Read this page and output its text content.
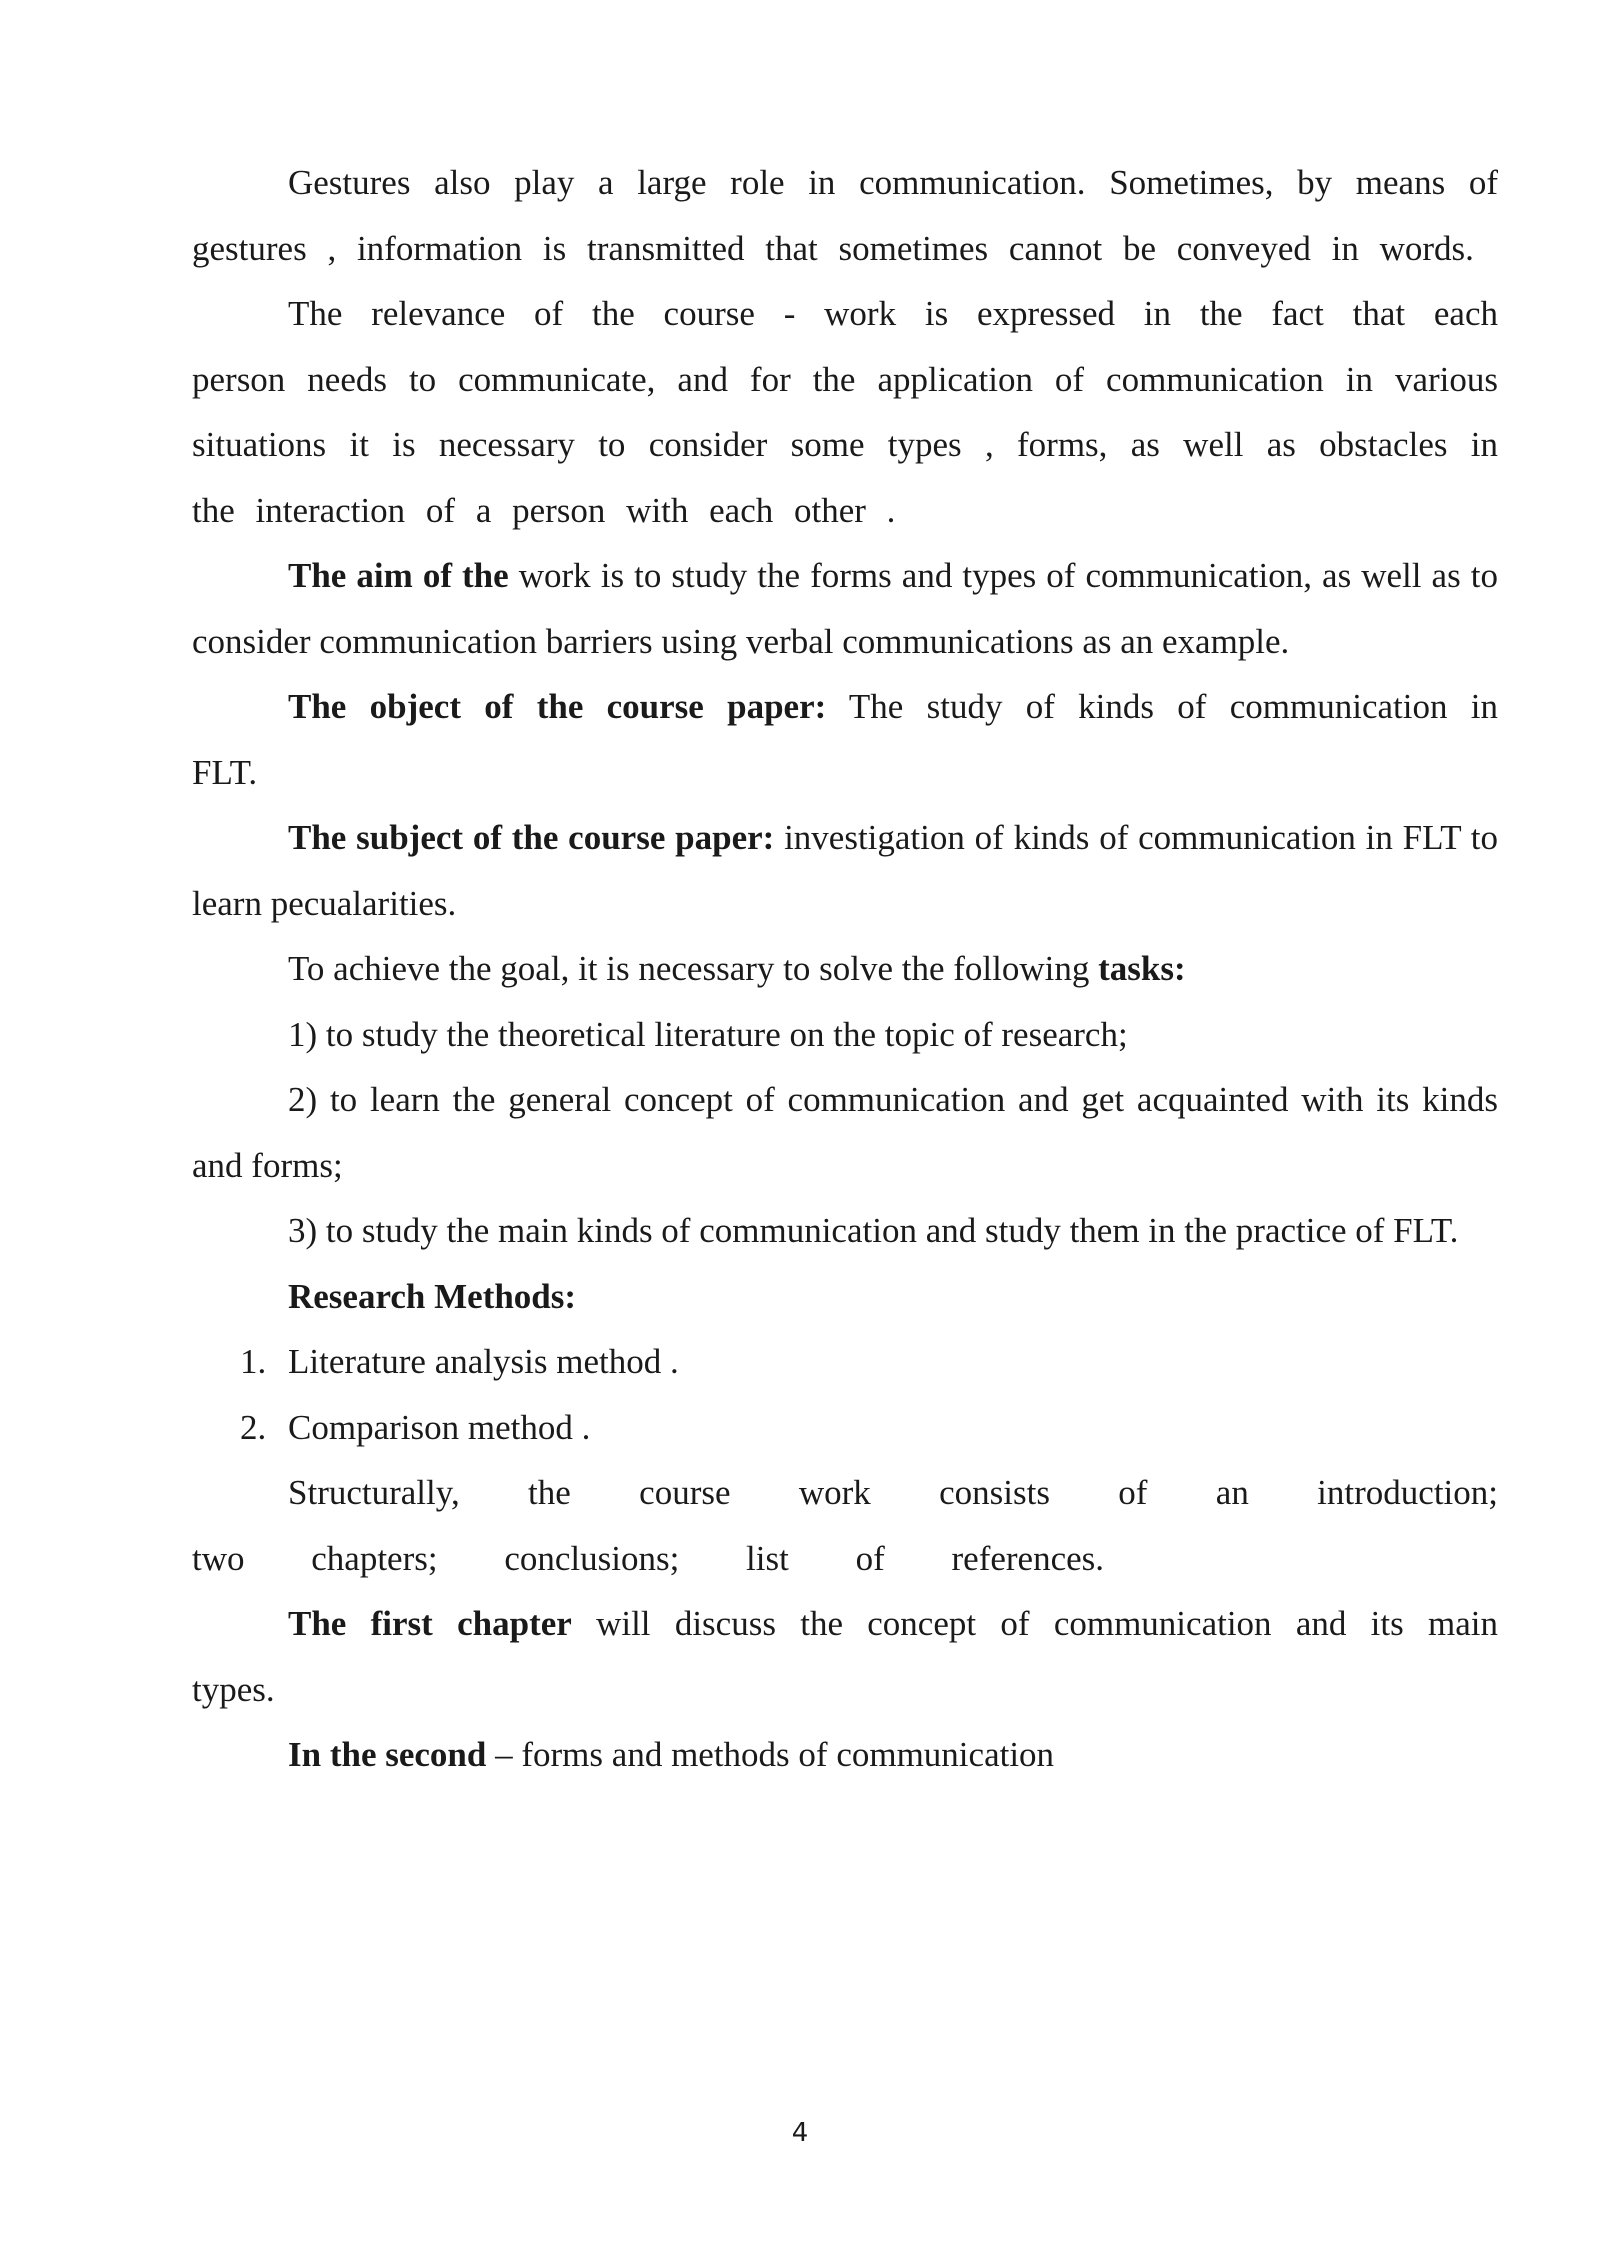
Gestures also play a large role in communication. Sometimes, by means of gestures , information is transmitted that sometimes cannot be conveyed in words.

The relevance of the course - work is expressed in the fact that each person needs to communicate, and for the application of communication in various situations it is necessary to consider some types , forms, as well as obstacles in the interaction of a person with each other .

The aim of the work is to study the forms and types of communication, as well as to consider communication barriers using verbal communications as an example.

The object of the course paper: The study of kinds of communication in FLT.

The subject of the course paper: investigation of kinds of communication in FLT to learn pecualarities.

To achieve the goal, it is necessary to solve the following tasks:

1) to study the theoretical literature on the topic of research;

2) to learn the general concept of communication and get acquainted with its kinds and forms;

3) to study the main kinds of communication and study them in the practice of FLT.

Research Methods:

1. Literature analysis method .

2. Comparison method .

Structurally, the course work consists of an introduction; two chapters; conclusions; list of references.

The first chapter will discuss the concept of communication and its main types.

In the second – forms and methods of communication

4
